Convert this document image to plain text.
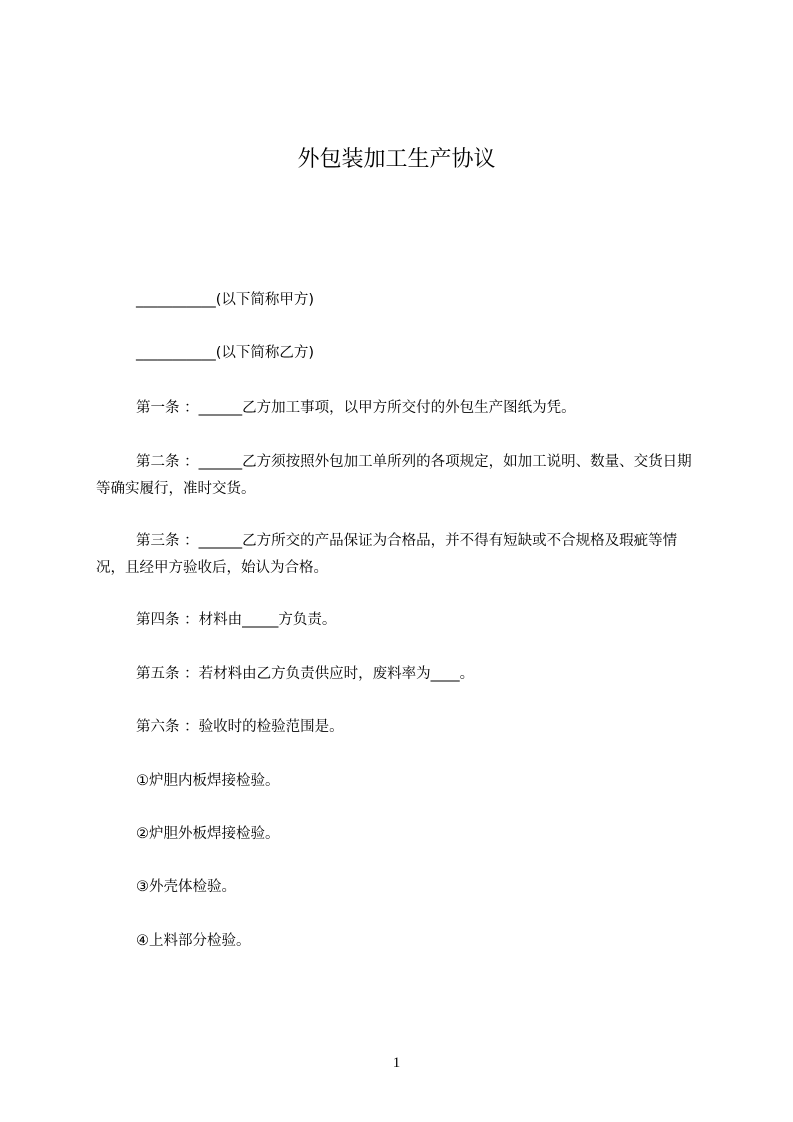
外包装加工生产协议
___________(以下简称甲方)
___________(以下简称乙方)
第一条 ：______乙方加工事项，以甲方所交付的外包生产图纸为凭。
第二条 ：______乙方须按照外包加工单所列的各项规定，如加工说明、数量、交货日期等确实履行，准时交货。
第三条 ：______乙方所交的产品保证为合格品，并不得有短缺或不合规格及瑕疵等情况，且经甲方验收后，始认为合格。
第四条 ：材料由_____方负责。
第五条 ：若材料由乙方负责供应时，废料率为____。
第六条 ：验收时的检验范围是。
①炉胆内板焊接检验。
②炉胆外板焊接检验。
③外壳体检验。
④上料部分检验。
1
